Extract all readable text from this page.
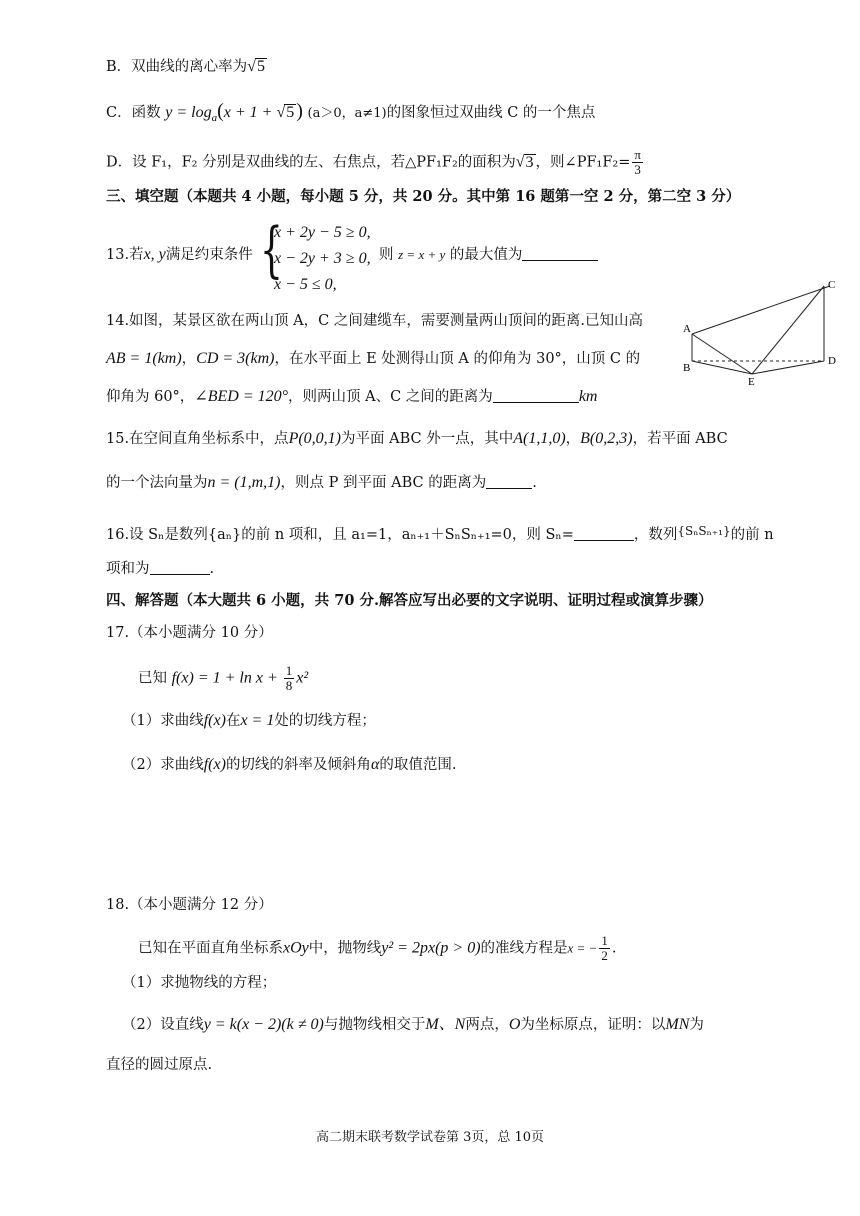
B．双曲线的离心率为√5
C．函数 $y = \log_a(x + 1 + √5$ ) (a＞0，a≠1)的图象恒过双曲线 C 的一个焦点
D．设 F₁，F₂ 分别是双曲线的左、右焦点，若△PF₁F₂的面积为√3 ，则∠PF₁F₂= $\frac{\pi}{3}$
三、填空题（本题共 4 小题，每小题 5 分，共 20 分。其中第 16 题第一空 2 分，第二空 3 分）
13.若x, y满足约束条件 {
x + 2y − 5 ≥ 0,
x − 2y + 3 ≥ 0,
x − 5 ≤ 0,
则 z = x + y 的最大值为
14.如图，某景区欲在两山顶 A，C 之间建缆车，需要测量两山顶间的距离.已知山高
AB = 1(km)，CD = 3(km)，在水平面上 E 处测得山顶 A 的仰角为 30°，山顶 C 的
仰角为 60°，∠BED = 120°，则两山顶 A、C 之间的距离为	km
A
B
C
D
E
15.在空间直角坐标系中，点P(0,0,1)为平面 ABC 外一点，其中A(1,1,0)，B(0,2,3)，若平面 ABC
的一个法向量为n = (1,m,1)，则点 P 到平面 ABC 的距离为	.
16.设 Sₙ是数列{aₙ}的前 n 项和，且 a₁=1，aₙ₊₁＋SₙSₙ₊₁=0，则 Sₙ=	，数列$^{\{S_nS_{n+1}\}}$的前 n
项和为	.
四、解答题（本大题共 6 小题，共 70 分.解答应写出必要的文字说明、证明过程或演算步骤）
17.（本小题满分 10 分）
已知 $f(x) = 1 + \ln x + \frac{1}{8} x^2$
（1）求曲线f(x)在x = 1处的切线方程；
（2）求曲线f(x)的切线的斜率及倾斜角α的取值范围.
18.（本小题满分 12 分）
已知在平面直角坐标系xOy中，抛物线y² = 2px(p > 0)的准线方程是x = − $\frac{1}{2}$ .
（1）求抛物线的方程；
（2）设直线y = k(x − 2)(k ≠ 0)与抛物线相交于M、N两点，O为坐标原点，证明：以MN为
直径的圆过原点.
高二期末联考数学试卷第 3页，总 10页
